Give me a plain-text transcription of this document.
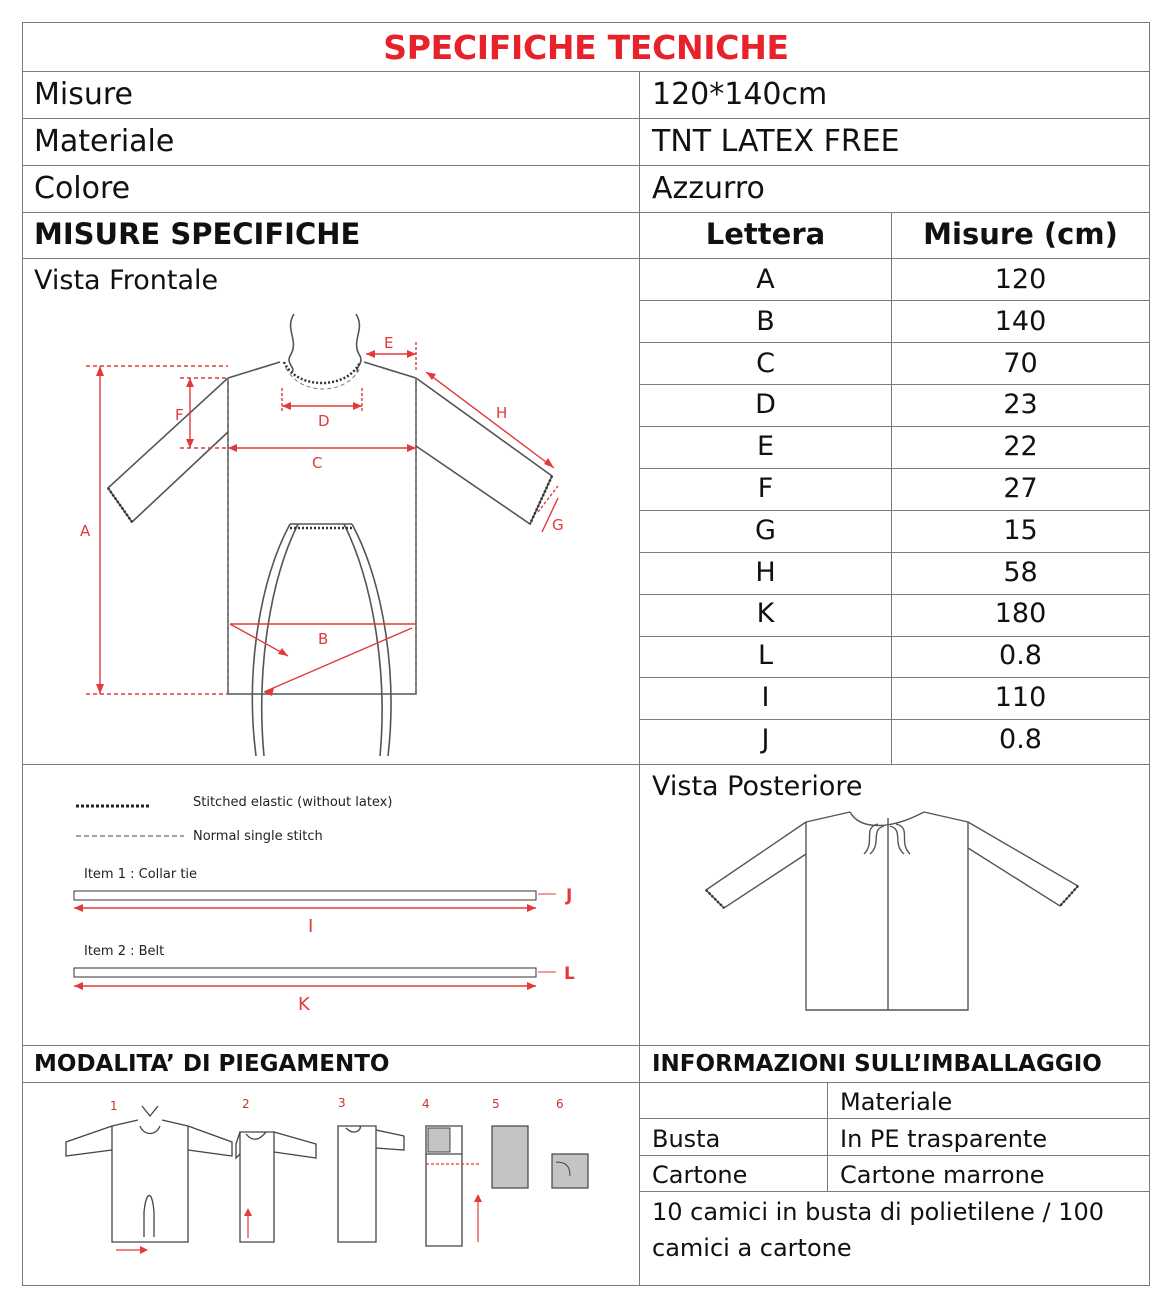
SPECIFICHE TECNICHE
Misure	120*140cm
Materiale	TNT LATEX FREE
Colore	Azzurro
MISURE SPECIFICHE	Lettera	Misure (cm)
Vista Frontale	A	120
B	140
C	70
D	23
E	22
F	27
G	15
H	58
K	180
L	0.8
I	110
J	0.8
A
F
C
D
E
H
G
B
Stitched elastic (without latex)
Normal single stitch
Item 1 : Collar tie
I
J
Item 2 : Belt
K
L
Vista Posteriore
MODALITA’ DI PIEGAMENTO
1	2	3	4	5	6
INFORMAZIONI SULL’IMBALLAGGIO
Materiale
Busta	In PE trasparente
Cartone	Cartone marrone
10 camici in busta di polietilene / 100
camici a cartone
